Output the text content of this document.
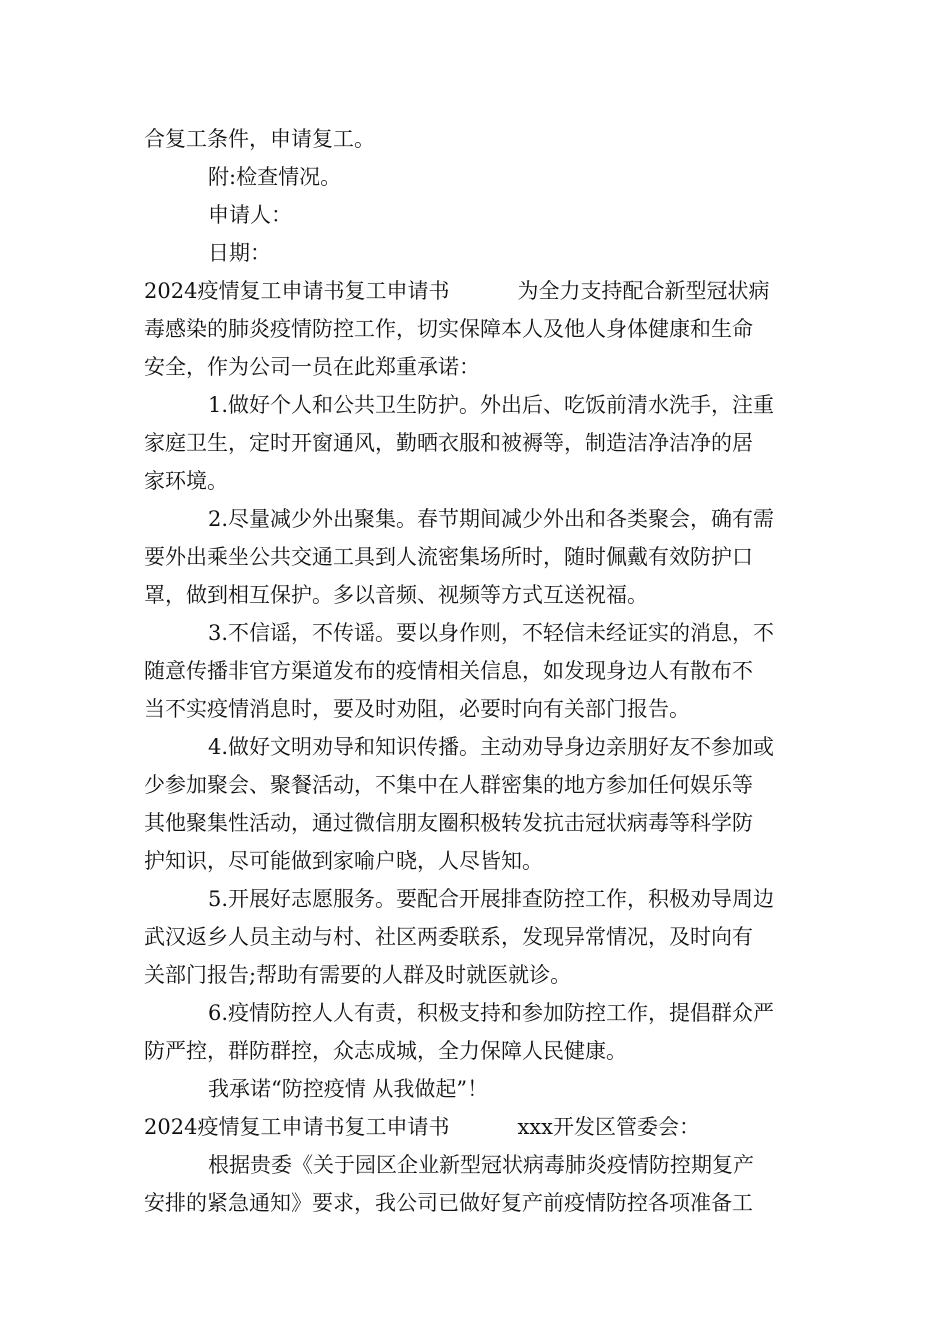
合复工条件，申请复工。
附:检查情况。
申请人：
日期：
2024疫情复工申请书复工申请书	为全力支持配合新型冠状病
毒感染的肺炎疫情防控工作，切实保障本人及他人身体健康和生命
安全，作为公司一员在此郑重承诺：
1.做好个人和公共卫生防护。外出后、吃饭前清水洗手，注重
家庭卫生，定时开窗通风，勤晒衣服和被褥等，制造洁净洁净的居
家环境。
2.尽量减少外出聚集。春节期间减少外出和各类聚会，确有需
要外出乘坐公共交通工具到人流密集场所时，随时佩戴有效防护口
罩，做到相互保护。多以音频、视频等方式互送祝福。
3.不信谣，不传谣。要以身作则，不轻信未经证实的消息，不
随意传播非官方渠道发布的疫情相关信息，如发现身边人有散布不
当不实疫情消息时，要及时劝阻，必要时向有关部门报告。
4.做好文明劝导和知识传播。主动劝导身边亲朋好友不参加或
少参加聚会、聚餐活动，不集中在人群密集的地方参加任何娱乐等
其他聚集性活动，通过微信朋友圈积极转发抗击冠状病毒等科学防
护知识，尽可能做到家喻户晓，人尽皆知。
5.开展好志愿服务。要配合开展排查防控工作，积极劝导周边
武汉返乡人员主动与村、社区两委联系，发现异常情况，及时向有
关部门报告;帮助有需要的人群及时就医就诊。
6.疫情防控人人有责，积极支持和参加防控工作，提倡群众严
防严控，群防群控，众志成城，全力保障人民健康。
我承诺“防控疫情 从我做起”！
2024疫情复工申请书复工申请书	xxx开发区管委会：
根据贵委《关于园区企业新型冠状病毒肺炎疫情防控期复产
安排的紧急通知》要求，我公司已做好复产前疫情防控各项准备工
